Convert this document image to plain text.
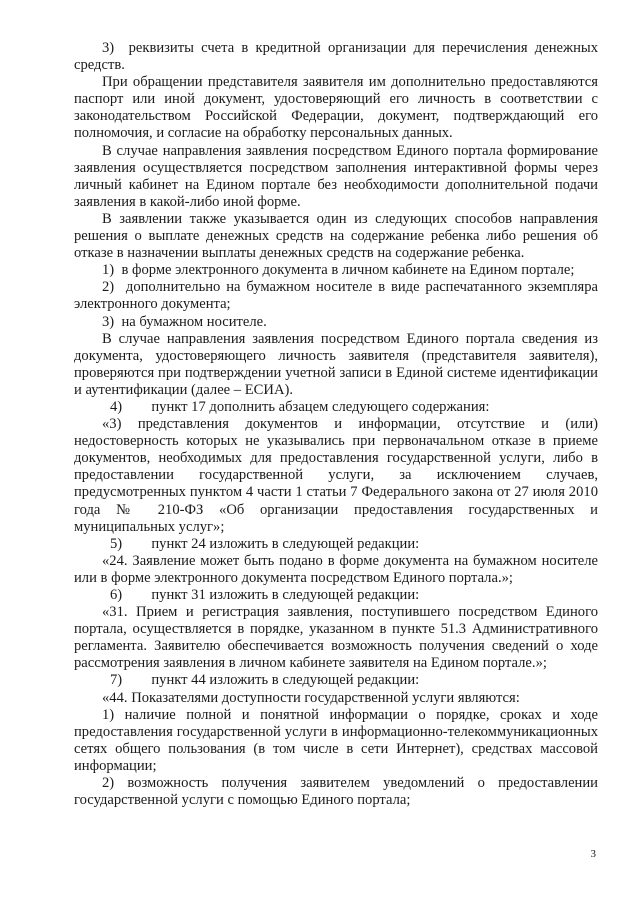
3)  реквизиты счета в кредитной организации для перечисления денежных средств.

При обращении представителя заявителя им дополнительно предоставляются паспорт или иной документ, удостоверяющий его личность в соответствии с законодательством Российской Федерации, документ, подтверждающий его полномочия, и согласие на обработку персональных данных.

В случае направления заявления посредством Единого портала формирование заявления осуществляется посредством заполнения интерактивной формы через личный кабинет на Едином портале без необходимости дополнительной подачи заявления в какой-либо иной форме.

В заявлении также указывается один из следующих способов направления решения о выплате денежных средств на содержание ребенка либо решения об отказе в назначении выплаты денежных средств на содержание ребенка.

1)  в форме электронного документа в личном кабинете на Едином портале;

2)  дополнительно на бумажном носителе в виде распечатанного экземпляра электронного документа;

3)  на бумажном носителе.

В случае направления заявления посредством Единого портала сведения из документа, удостоверяющего личность заявителя (представителя заявителя), проверяются при подтверждении учетной записи в Единой системе идентификации и аутентификации (далее – ЕСИА).

4)        пункт 17 дополнить абзацем следующего содержания:

«3) представления документов и информации, отсутствие и (или) недостоверность которых не указывались при первоначальном отказе в приеме документов, необходимых для предоставления государственной услуги, либо в предоставлении государственной услуги, за исключением случаев, предусмотренных пунктом 4 части 1 статьи 7 Федерального закона от 27 июля 2010 года № 210-ФЗ «Об организации предоставления государственных и муниципальных услуг»;

5)        пункт 24 изложить в следующей редакции:

«24. Заявление может быть подано в форме документа на бумажном носителе или в форме электронного документа посредством Единого портала.»;

6)        пункт 31 изложить в следующей редакции:

«31. Прием и регистрация заявления, поступившего посредством Единого портала, осуществляется в порядке, указанном в пункте 51.3 Административного регламента. Заявителю обеспечивается возможность получения сведений о ходе рассмотрения заявления в личном кабинете заявителя на Едином портале.»;

7)        пункт 44 изложить в следующей редакции:

«44. Показателями доступности государственной услуги являются:

1) наличие полной и понятной информации о порядке, сроках и ходе предоставления государственной услуги в информационно-телекоммуникационных сетях общего пользования (в том числе в сети Интернет), средствах массовой информации;

2) возможность получения заявителем уведомлений о предоставлении государственной услуги с помощью Единого портала;

3
